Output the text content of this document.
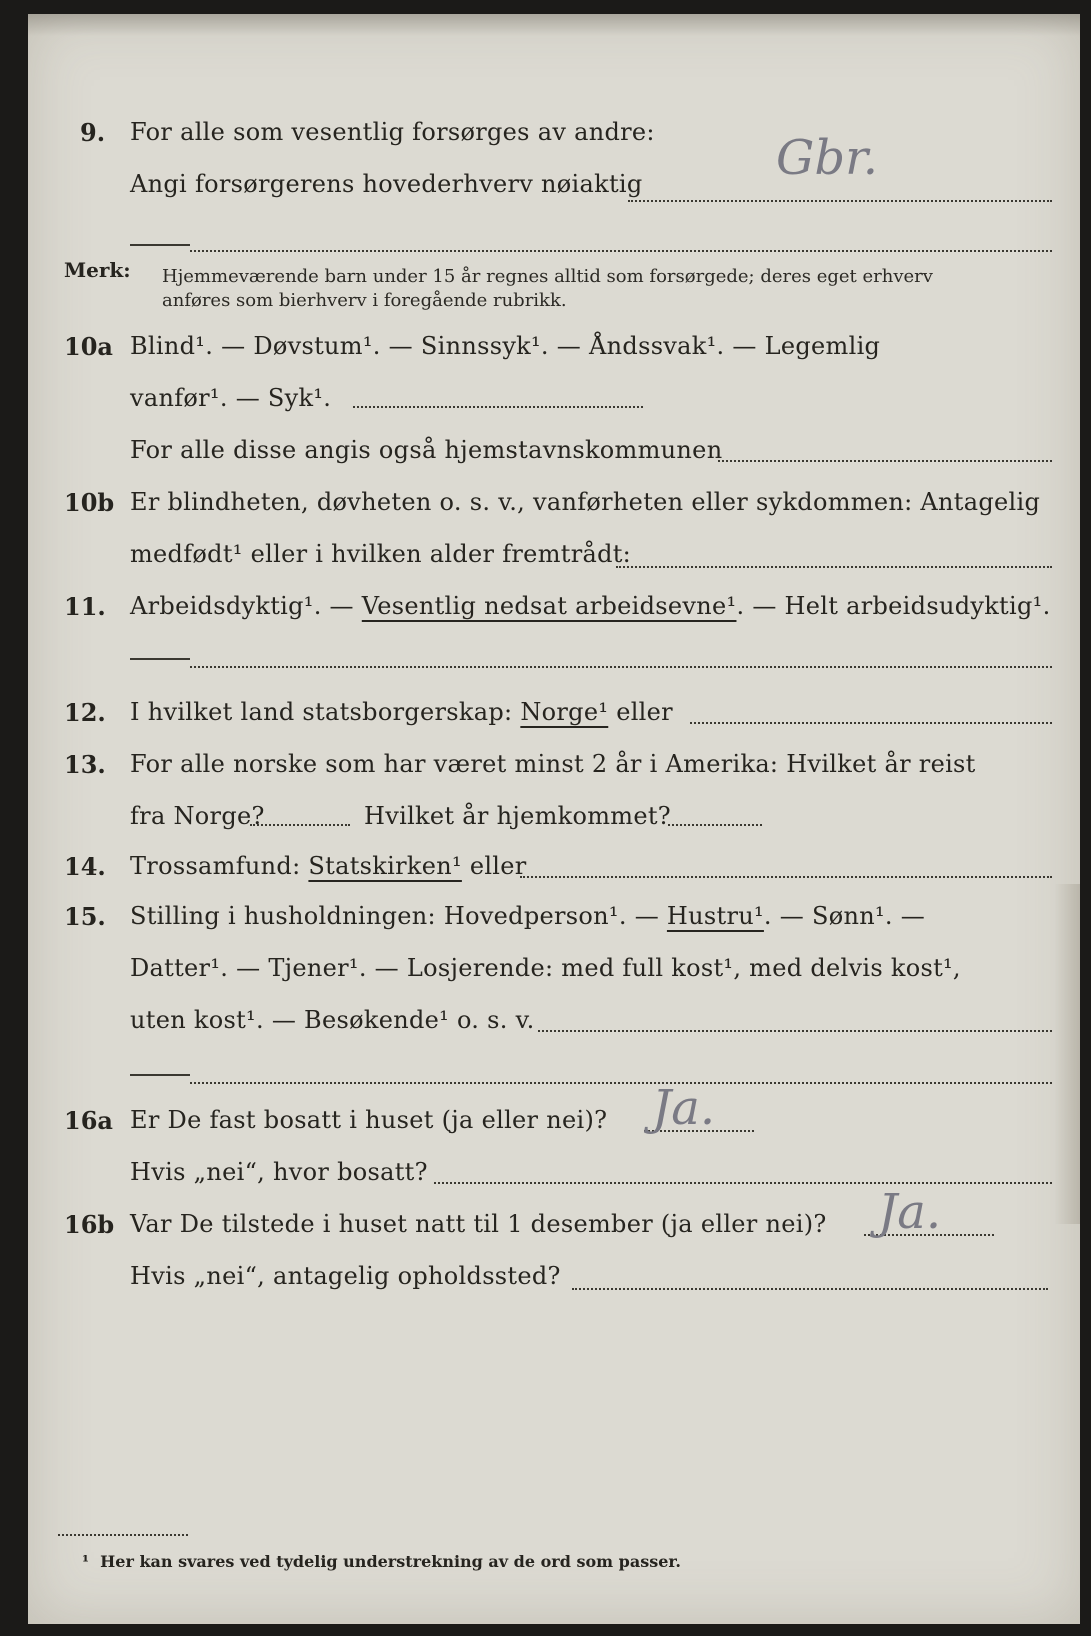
9. For alle som vesentlig forsørges av andre:
Angi forsørgerens hovederhverv nøiaktig	Gbr.
Merk: Hjemmeværende barn under 15 år regnes alltid som forsørgede; deres eget erhverv
anføres som bierhverv i foregående rubrikk.
10a Blind¹. — Døvstum¹. — Sinnssyk¹. — Åndssvak¹. — Legemlig
vanfør¹. — Syk¹.
For alle disse angis også hjemstavnskommunen
10b Er blindheten, døvheten o. s. v., vanførheten eller sykdommen: Antagelig
medfødt¹ eller i hvilken alder fremtrådt:
11. Arbeidsdyktig¹. — Vesentlig nedsat arbeidsevne¹. — Helt arbeidsudyktig¹.
12. I hvilket land statsborgerskap: Norge¹ eller
13. For alle norske som har været minst 2 år i Amerika: Hvilket år reist
fra Norge?	Hvilket år hjemkommet?
14. Trossamfund: Statskirken¹ eller
15. Stilling i husholdningen: Hovedperson¹. — Hustru¹. — Sønn¹. —
Datter¹. — Tjener¹. — Losjerende: med full kost¹, med delvis kost¹,
uten kost¹. — Besøkende¹ o. s. v.
16a Er De fast bosatt i huset (ja eller nei)? Ja.
Hvis „nei“, hvor bosatt?
16b Var De tilstede i huset natt til 1 desember (ja eller nei)? Ja.
Hvis „nei“, antagelig opholdssted?
¹ Her kan svares ved tydelig understrekning av de ord som passer.
